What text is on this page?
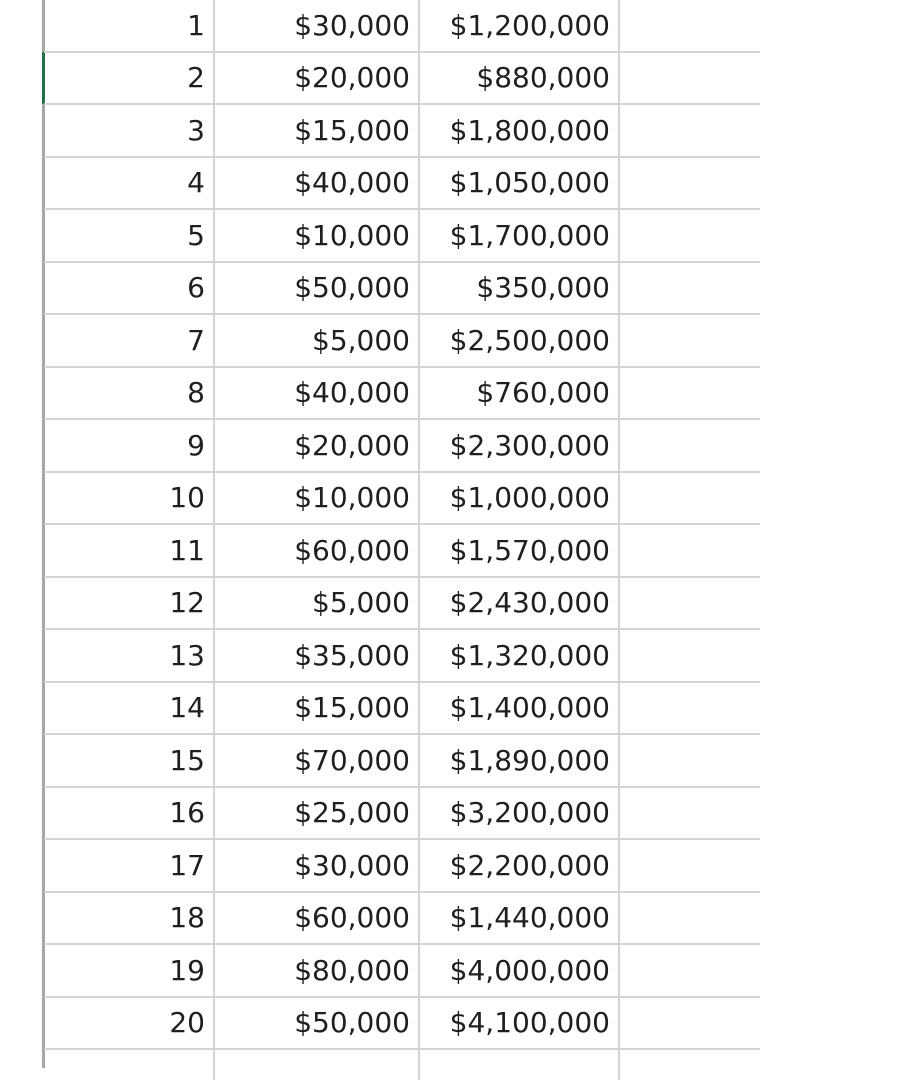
1	$30,000	$1,200,000
2	$20,000	$880,000
3	$15,000	$1,800,000
4	$40,000	$1,050,000
5	$10,000	$1,700,000
6	$50,000	$350,000
7	$5,000	$2,500,000
8	$40,000	$760,000
9	$20,000	$2,300,000
10	$10,000	$1,000,000
11	$60,000	$1,570,000
12	$5,000	$2,430,000
13	$35,000	$1,320,000
14	$15,000	$1,400,000
15	$70,000	$1,890,000
16	$25,000	$3,200,000
17	$30,000	$2,200,000
18	$60,000	$1,440,000
19	$80,000	$4,000,000
20	$50,000	$4,100,000
